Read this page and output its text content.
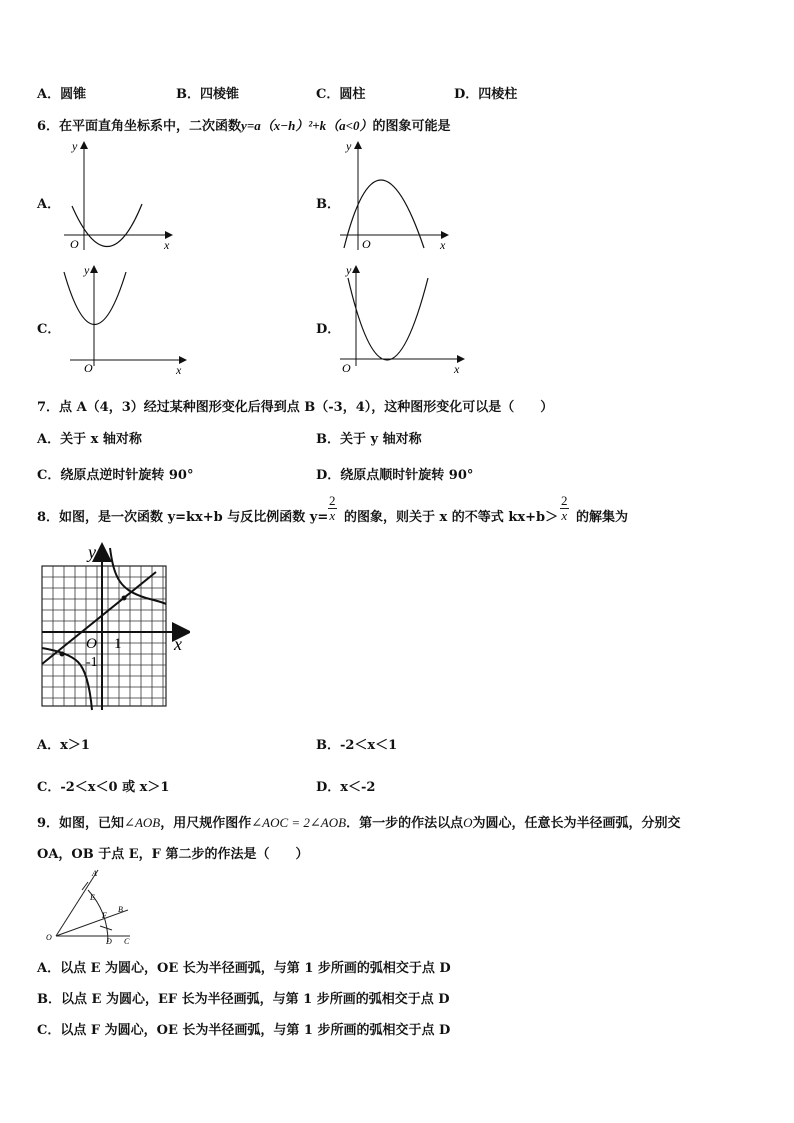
A．圆锥	B．四棱锥	C．圆柱	D．四棱柱
6．在平面直角坐标系中，二次函数y=a（x−h）²+k（a<0）的图象可能是
A．	B．
C．	D．
y
x
O
y
x
O
y
x
O
y
x
O
7．点 A（4，3）经过某种图形变化后得到点 B（-3，4），这种图形变化可以是（　　）
A．关于 x 轴对称	B．关于 y 轴对称
C．绕原点逆时针旋转 90°	D．绕原点顺时针旋转 90°
8．如图，是一次函数 y=kx+b 与反比例函数 $y= \frac{2}{x}$ 的图象，则关于 x 的不等式 $kx+b> \frac{2}{x}$ 的解集为
y
x
O 1
-1
A．x＞1	B．-2＜x＜1
C．-2＜x＜0 或 x＞1	D．x＜-2
9．如图，已知∠AOB，用尺规作图作∠AOC = 2∠AOB．第一步的作法以点O为圆心，任意长为半径画弧，分别交
OA，OB 于点 E，F 第二步的作法是（　　）
A
E
B
F
O	D C
A．以点 E 为圆心，OE 长为半径画弧，与第 1 步所画的弧相交于点 D
B．以点 E 为圆心，EF 长为半径画弧，与第 1 步所画的弧相交于点 D
C．以点 F 为圆心，OE 长为半径画弧，与第 1 步所画的弧相交于点 D
